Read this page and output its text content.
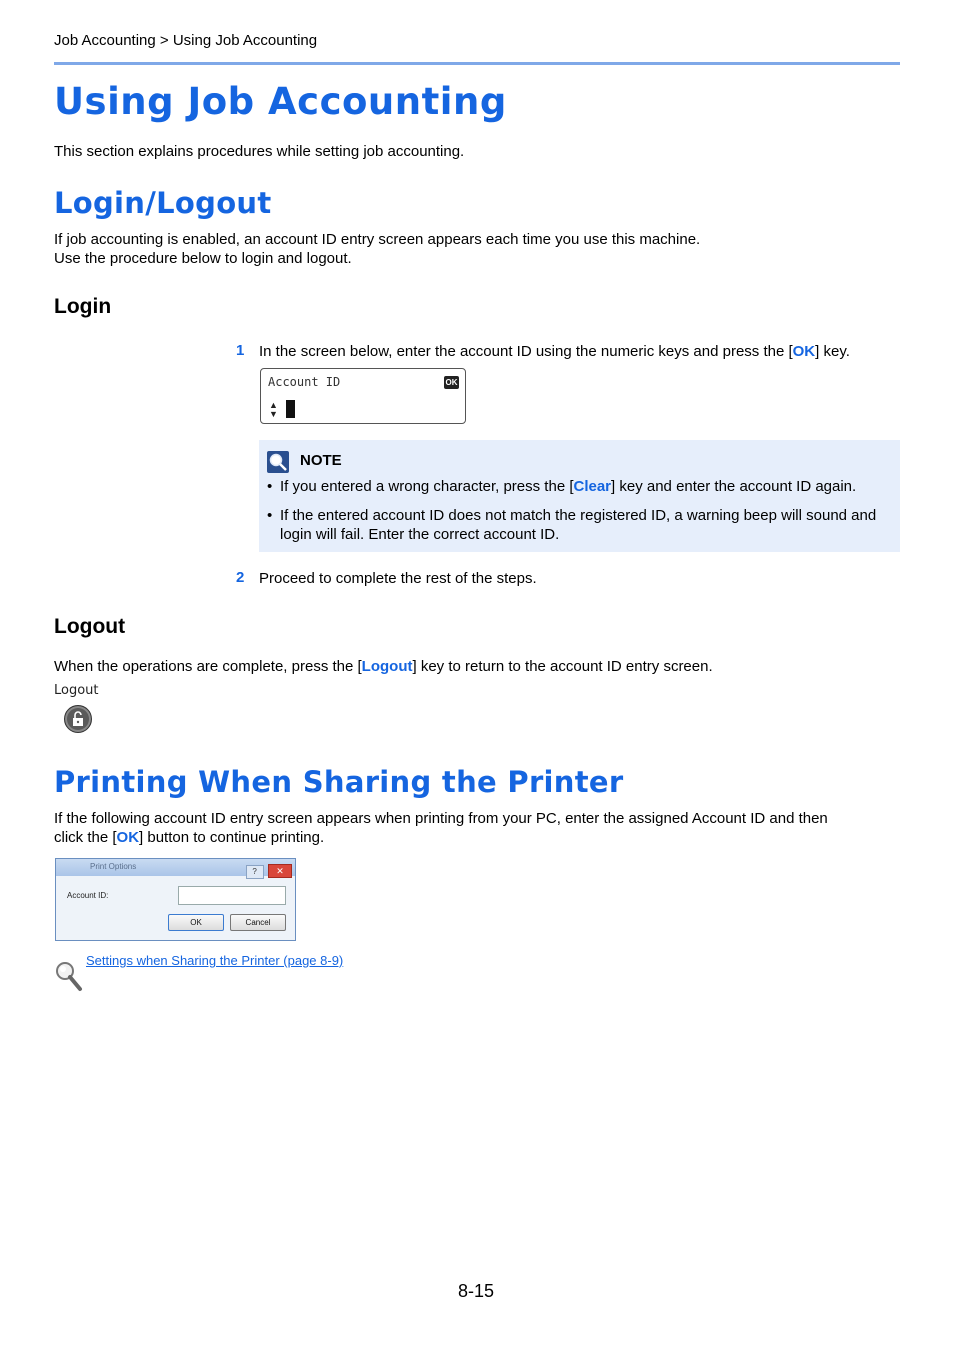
Job Accounting > Using Job Accounting
Using Job Accounting
This section explains procedures while setting job accounting.
Login/Logout
If job accounting is enabled, an account ID entry screen appears each time you use this machine.
Use the procedure below to login and logout.
Login
1 In the screen below, enter the account ID using the numeric keys and press the [OK] key.
Account ID	OK
▲
▼
NOTE
• If you entered a wrong character, press the [Clear] key and enter the account ID again.
• If the entered account ID does not match the registered ID, a warning beep will sound and login will fail. Enter the correct account ID.
2 Proceed to complete the rest of the steps.
Logout
When the operations are complete, press the [Logout] key to return to the account ID entry screen.
Logout
Printing When Sharing the Printer
If the following account ID entry screen appears when printing from your PC, enter the assigned Account ID and then
click the [OK] button to continue printing.
Print Options
? ✕
Account ID:
OK	Cancel
Settings when Sharing the Printer (page 8-9)
8-15
